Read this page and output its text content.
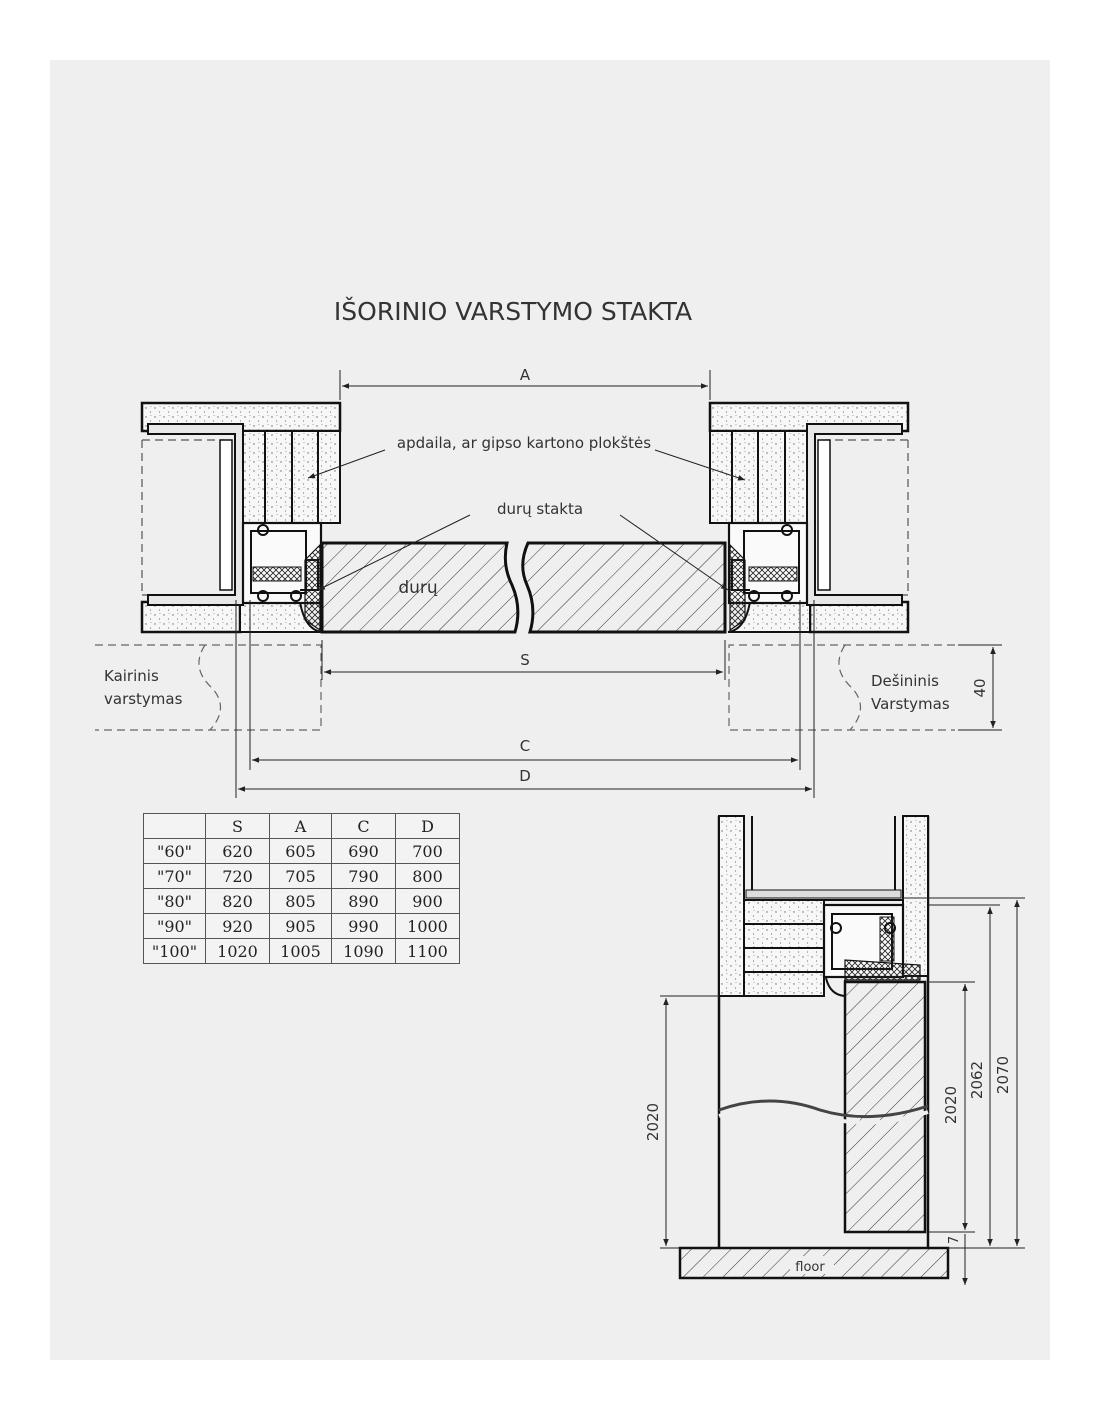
IŠORINIO VARSTYMO STAKTA
A
apdaila, ar gipso kartono plokštės
durų stakta
durų
S
Kairinis
varstymas
Dešininis
Varstymas
40
C
D
2020	2020
2062 2070
7
floor
	S	A	C	D
"60"	620	605	690	700
"70"	720	705	790	800
"80"	820	805	890	900
"90"	920	905	990	1000
"100"	1020	1005	1090	1100
